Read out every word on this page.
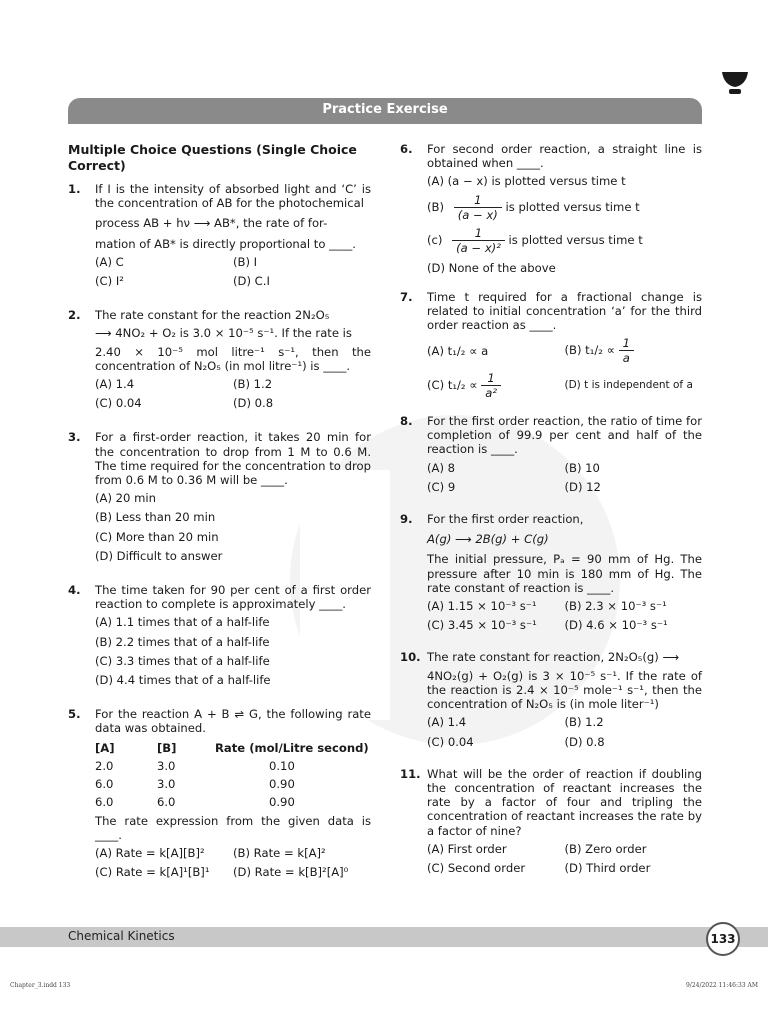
Practice Exercise
Multiple Choice Questions (Single Choice Correct)
1. If I is the intensity of absorbed light and ‘C’ is the concentration of AB for the photochemical
process AB + hν ⟶ AB*, the rate of for-
mation of AB* is directly proportional to ____.
(A) C	(B) I
(C) I²	(D) C.I
2. The rate constant for the reaction 2N₂O₅
⟶ 4NO₂ + O₂ is 3.0 × 10⁻⁵ s⁻¹. If the rate is
2.40 × 10⁻⁵ mol litre⁻¹ s⁻¹, then the concentration of N₂O₅ (in mol litre⁻¹) is ____.
(A) 1.4	(B) 1.2
(C) 0.04	(D) 0.8
3. For a first-order reaction, it takes 20 min for the concentration to drop from 1 M to 0.6 M. The time required for the concentration to drop from 0.6 M to 0.36 M will be ____.
(A) 20 min
(B) Less than 20 min
(C) More than 20 min
(D) Difficult to answer
4. The time taken for 90 per cent of a first order reaction to complete is approximately ____.
(A) 1.1 times that of a half-life
(B) 2.2 times that of a half-life
(C) 3.3 times that of a half-life
(D) 4.4 times that of a half-life
5. For the reaction A + B ⇌ G, the following rate data was obtained.
[A]	[B]	Rate (mol/Litre second)
2.0	3.0	0.10
6.0	3.0	0.90
6.0	6.0	0.90
The rate expression from the given data is ____.
(A) Rate = k[A][B]²	(B) Rate = k[A]²
(C) Rate = k[A]¹[B]¹	(D) Rate = k[B]²[A]⁰
6. For second order reaction, a straight line is obtained when ____.
(A) (a − x) is plotted versus time t
$(B) \frac{1}{(a - x)}$ is plotted versus time t
$(c) \frac{1}{\text{(a − x)²}}$ is plotted versus time t
(D) None of the above
7. Time t required for a fractional change is related to initial concentration ‘a’ for the third order reaction as ____.
(A) t₁/₂ ∝ a	(B) $t_1/_2 \propto \frac{1}{a}$
(C) $t_1/_2 \propto \frac{1}{\text{a²}}$	(D) t is independent of a
8. For the first order reaction, the ratio of time for completion of 99.9 per cent and half of the reaction is ____.
(A) 8	(B) 10
(C) 9	(D) 12
9. For the first order reaction,
A(g) ⟶ 2B(g) + C(g)
The initial pressure, Pₐ = 90 mm of Hg. The pressure after 10 min is 180 mm of Hg. The rate constant of reaction is ____.
(A) 1.15 × 10⁻³ s⁻¹	(B) 2.3 × 10⁻³ s⁻¹
(C) 3.45 × 10⁻³ s⁻¹	(D) 4.6 × 10⁻³ s⁻¹
10. The rate constant for reaction, 2N₂O₅(g) ⟶
4NO₂(g) + O₂(g) is 3 × 10⁻⁵ s⁻¹. If the rate of the reaction is 2.4 × 10⁻⁵ mole⁻¹ s⁻¹, then the concentration of N₂O₅ is (in mole liter⁻¹)
(A) 1.4	(B) 1.2
(C) 0.04	(D) 0.8
11. What will be the order of reaction if doubling the concentration of reactant increases the rate by a factor of four and tripling the concentration of reactant increases the rate by a factor of nine?
(A) First order	(B) Zero order
(C) Second order	(D) Third order
Chemical Kinetics	133
Chapter_3.indd 133	9/24/2022 11:46:33 AM
